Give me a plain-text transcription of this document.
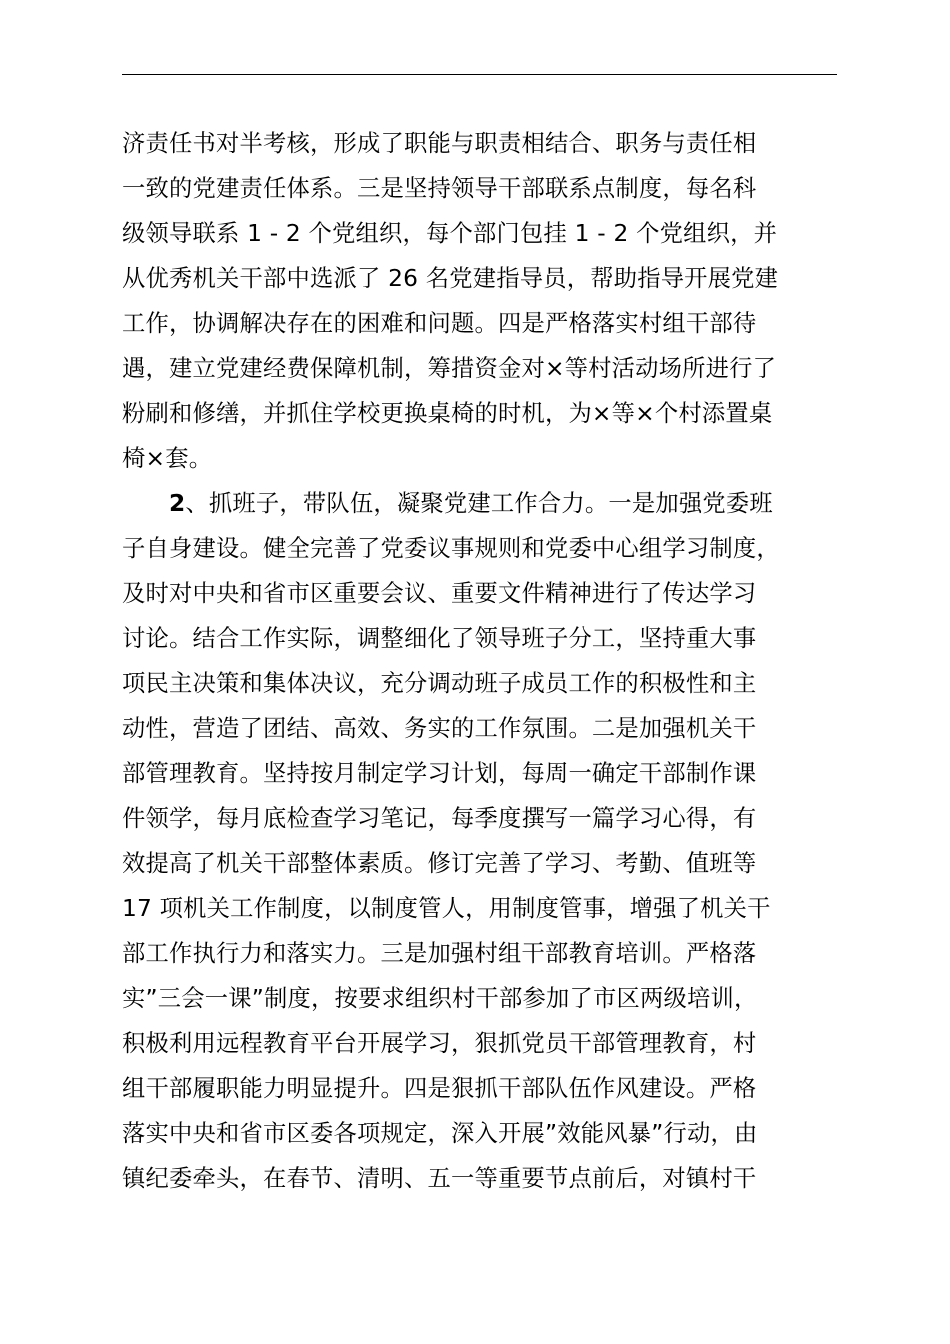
济责任书对半考核，形成了职能与职责相结合、职务与责任相
一致的党建责任体系。三是坚持领导干部联系点制度，每名科
级领导联系 1 - 2 个党组织，每个部门包挂 1 - 2 个党组织，并
从优秀机关干部中选派了 26 名党建指导员，帮助指导开展党建
工作，协调解决存在的困难和问题。四是严格落实村组干部待
遇，建立党建经费保障机制，筹措资金对×等村活动场所进行了
粉刷和修缮，并抓住学校更换桌椅的时机，为×等×个村添置桌
椅×套。
2、抓班子，带队伍，凝聚党建工作合力。一是加强党委班
子自身建设。健全完善了党委议事规则和党委中心组学习制度，
及时对中央和省市区重要会议、重要文件精神进行了传达学习
讨论。结合工作实际，调整细化了领导班子分工，坚持重大事
项民主决策和集体决议，充分调动班子成员工作的积极性和主
动性，营造了团结、高效、务实的工作氛围。二是加强机关干
部管理教育。坚持按月制定学习计划，每周一确定干部制作课
件领学，每月底检查学习笔记，每季度撰写一篇学习心得，有
效提高了机关干部整体素质。修订完善了学习、考勤、值班等
17 项机关工作制度，以制度管人，用制度管事，增强了机关干
部工作执行力和落实力。三是加强村组干部教育培训。严格落
实”三会一课”制度，按要求组织村干部参加了市区两级培训，
积极利用远程教育平台开展学习，狠抓党员干部管理教育，村
组干部履职能力明显提升。四是狠抓干部队伍作风建设。严格
落实中央和省市区委各项规定，深入开展”效能风暴”行动，由
镇纪委牵头，在春节、清明、五一等重要节点前后，对镇村干
